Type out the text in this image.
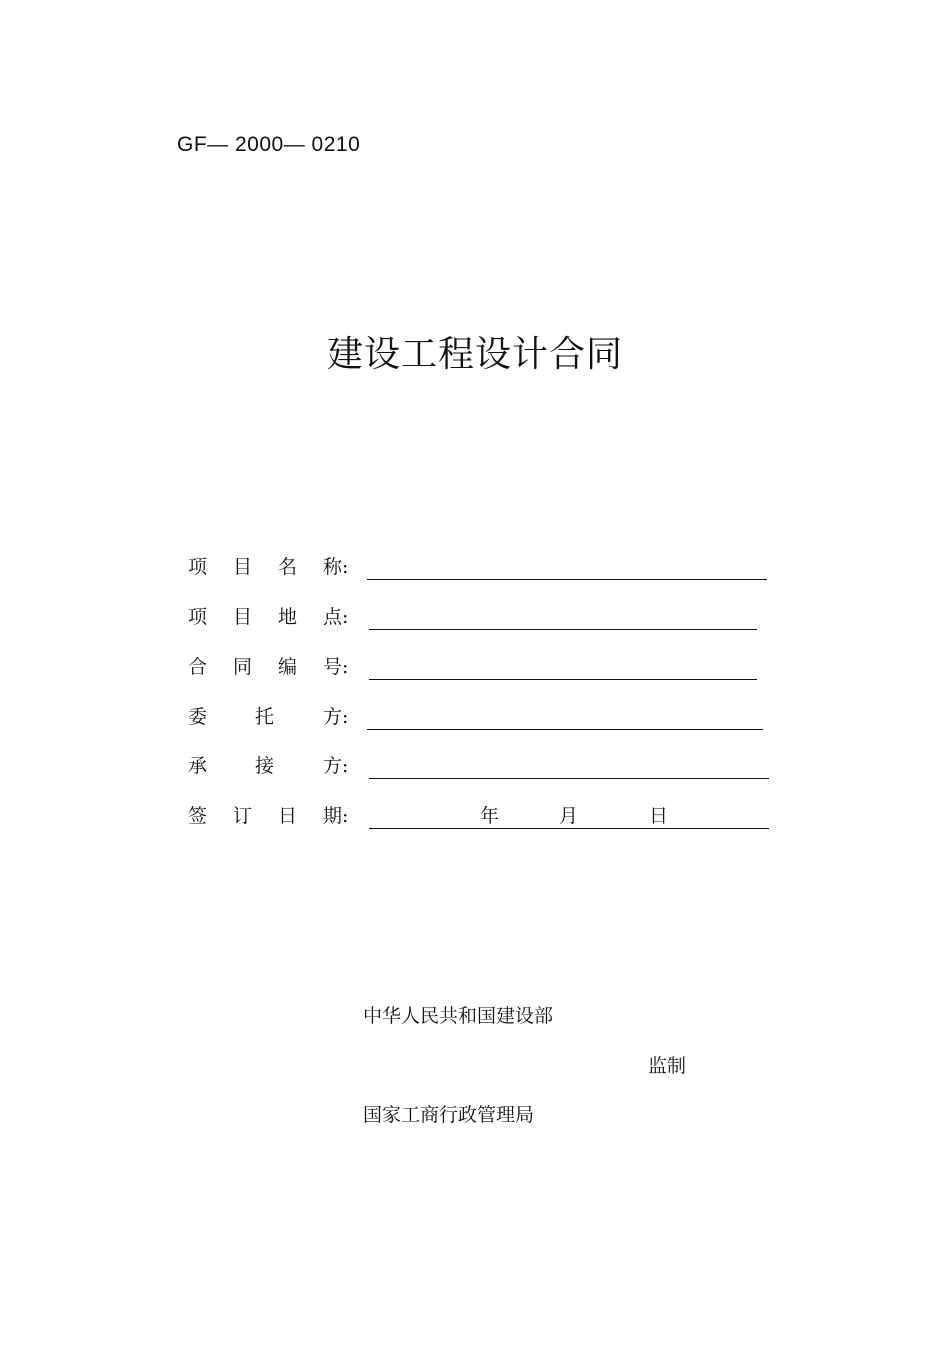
GF— 2000— 0210
建设工程设计合同
项 目 名 称 :
项 目 地 点 :
合 同 编 号 :
委	托	方 :
承	接	方 :
签 订 日 期 :	年	月	日
中华人民共和国建设部
监制
国家工商行政管理局
